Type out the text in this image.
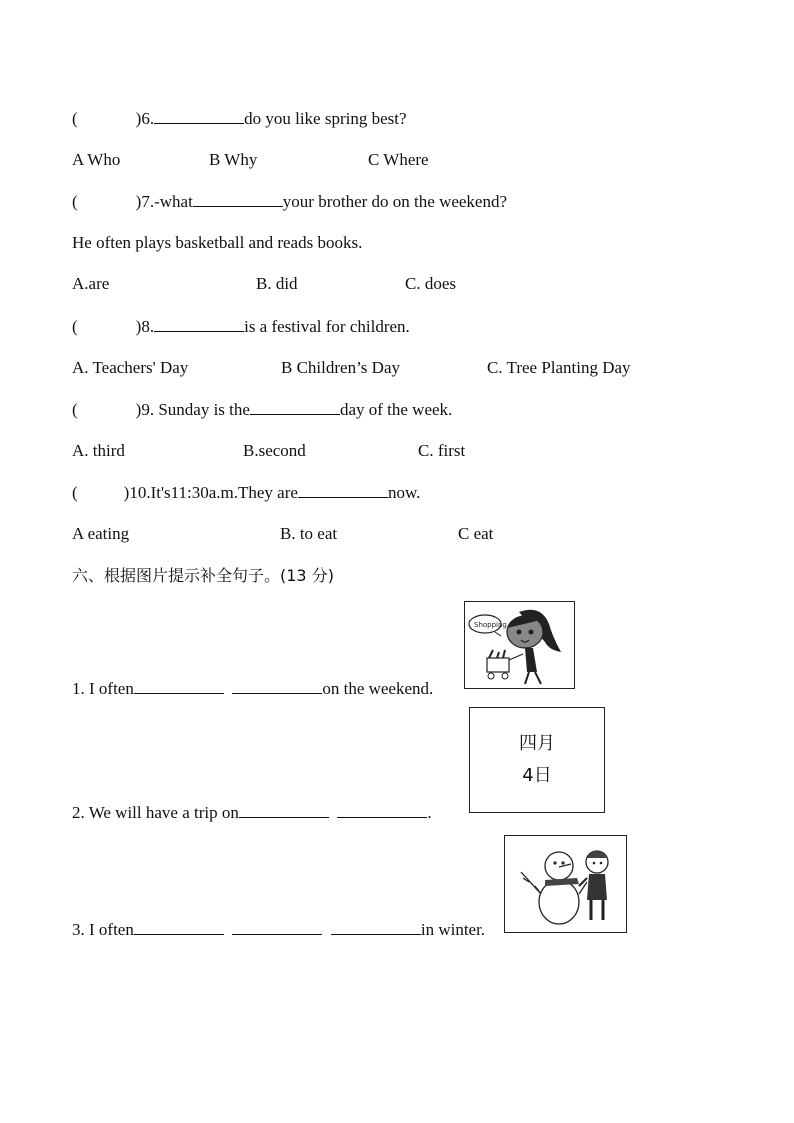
(	)6.	do you like spring best?
A Who	B Why	C Where
(	)7.-what	your brother do on the weekend?
He often plays basketball and reads books.
A.are	B. did	C. does
(	)8.	is a festival for children.
A. Teachers' Day	B Children’s Day	C. Tree Planting Day
(	)9. Sunday is the	day of the week.
A. third	B.second	C. first
(	)10.It's11:30a.m.They are	now.
A eating	B. to eat	C eat
六、根据图片提示补全句子。(13 分)
1. I often	on the weekend.
Shopping
2. We will have a trip on	.
四月
4日
3. I often	in winter.
